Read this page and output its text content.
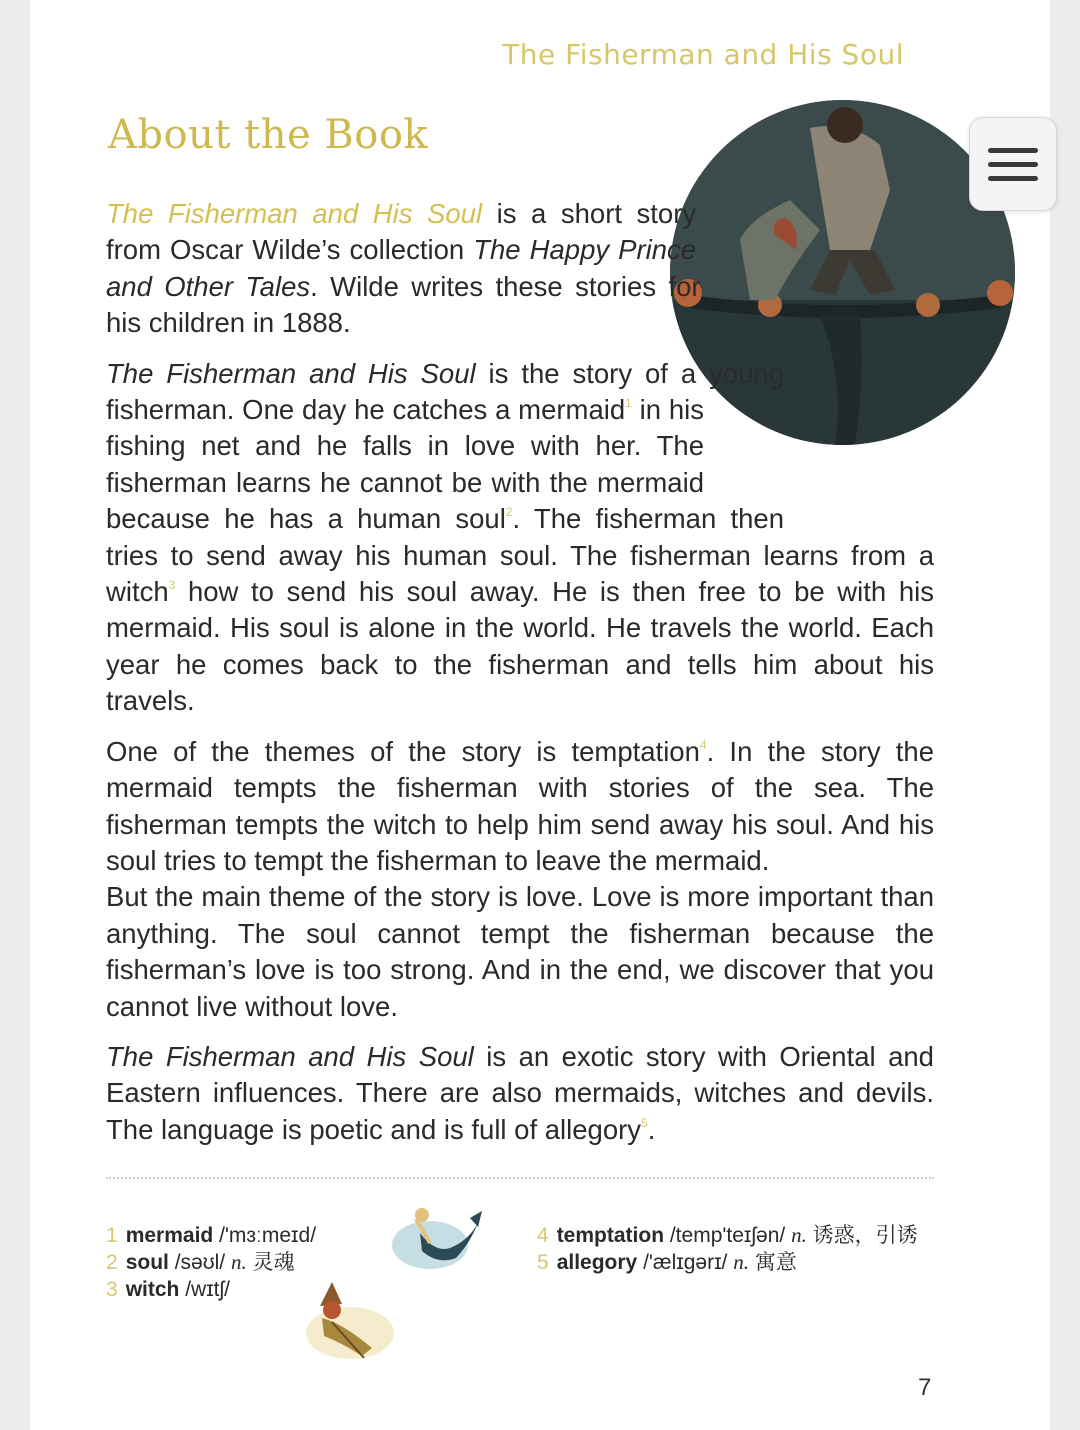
The Fisherman and His Soul
About the Book

The Fisherman and His Soul is a short story from Oscar Wilde’s collection The Happy Prince and Other Tales. Wilde writes these stories for his children in 1888.

The Fisherman and His Soul is the story of a young fisherman. One day he catches a mermaid$^1$ in his fishing net and he falls in love with her. The fisherman learns he cannot be with the mermaid because he has a human soul$^2$. The fisherman then tries to send away his human soul. The fisherman learns from a witch$^3$ how to send his soul away. He is then free to be with his mermaid. His soul is alone in the world. He travels the world. Each year he comes back to the fisherman and tells him about his travels.

One of the themes of the story is temptation$^4$. In the story the mermaid tempts the fisherman with stories of the sea. The fisherman tempts the witch to help him send away his soul. And his soul tries to tempt the fisherman to leave the mermaid.

But the main theme of the story is love. Love is more important than anything. The soul cannot tempt the fisherman because the fisherman’s love is too strong. And in the end, we discover that you cannot live without love.

The Fisherman and His Soul is an exotic story with Oriental and Eastern influences. There are also mermaids, witches and devils. The language is poetic and is full of allegory$^5$.

1 mermaid /'mɜːmeɪd/
2 soul /səʊl/ n. 灵魂
3 witch /wɪtʃ/
4 temptation /temp'teɪʃən/ n. 诱惑，引诱
5 allegory /'ælɪgərɪ/ n. 寓意
7
